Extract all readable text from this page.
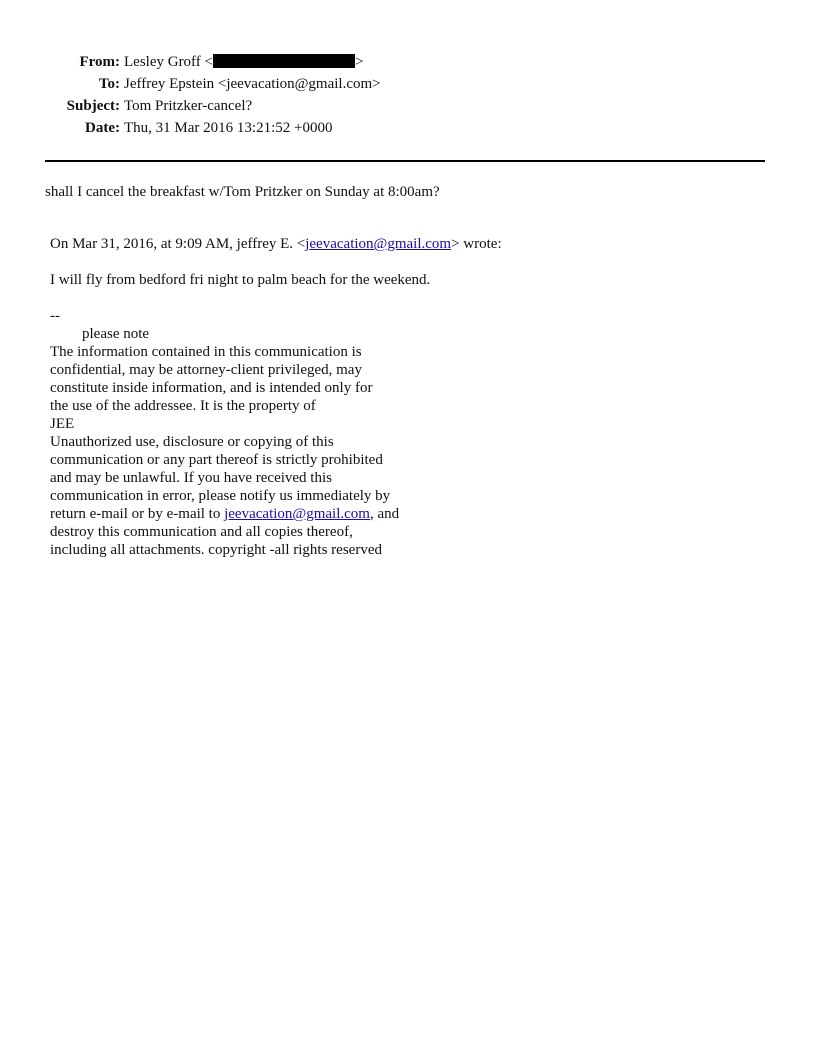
From: Lesley Groff <	>
To: Jeffrey Epstein <jeevacation@gmail.com>
Subject: Tom Pritzker-cancel?
Date: Thu, 31 Mar 2016 13:21:52 +0000
shall I cancel the breakfast w/Tom Pritzker on Sunday at 8:00am?
On Mar 31, 2016, at 9:09 AM, jeffrey E. <jeevacation@gmail.com> wrote:
I will fly from bedford fri night to palm beach for the weekend.
--
please note
The information contained in this communication is
confidential, may be attorney-client privileged, may
constitute inside information, and is intended only for
the use of the addressee. It is the property of
JEE
Unauthorized use, disclosure or copying of this
communication or any part thereof is strictly prohibited
and may be unlawful. If you have received this
communication in error, please notify us immediately by
return e-mail or by e-mail to jeevacation@gmail.com, and
destroy this communication and all copies thereof,
including all attachments. copyright -all rights reserved
